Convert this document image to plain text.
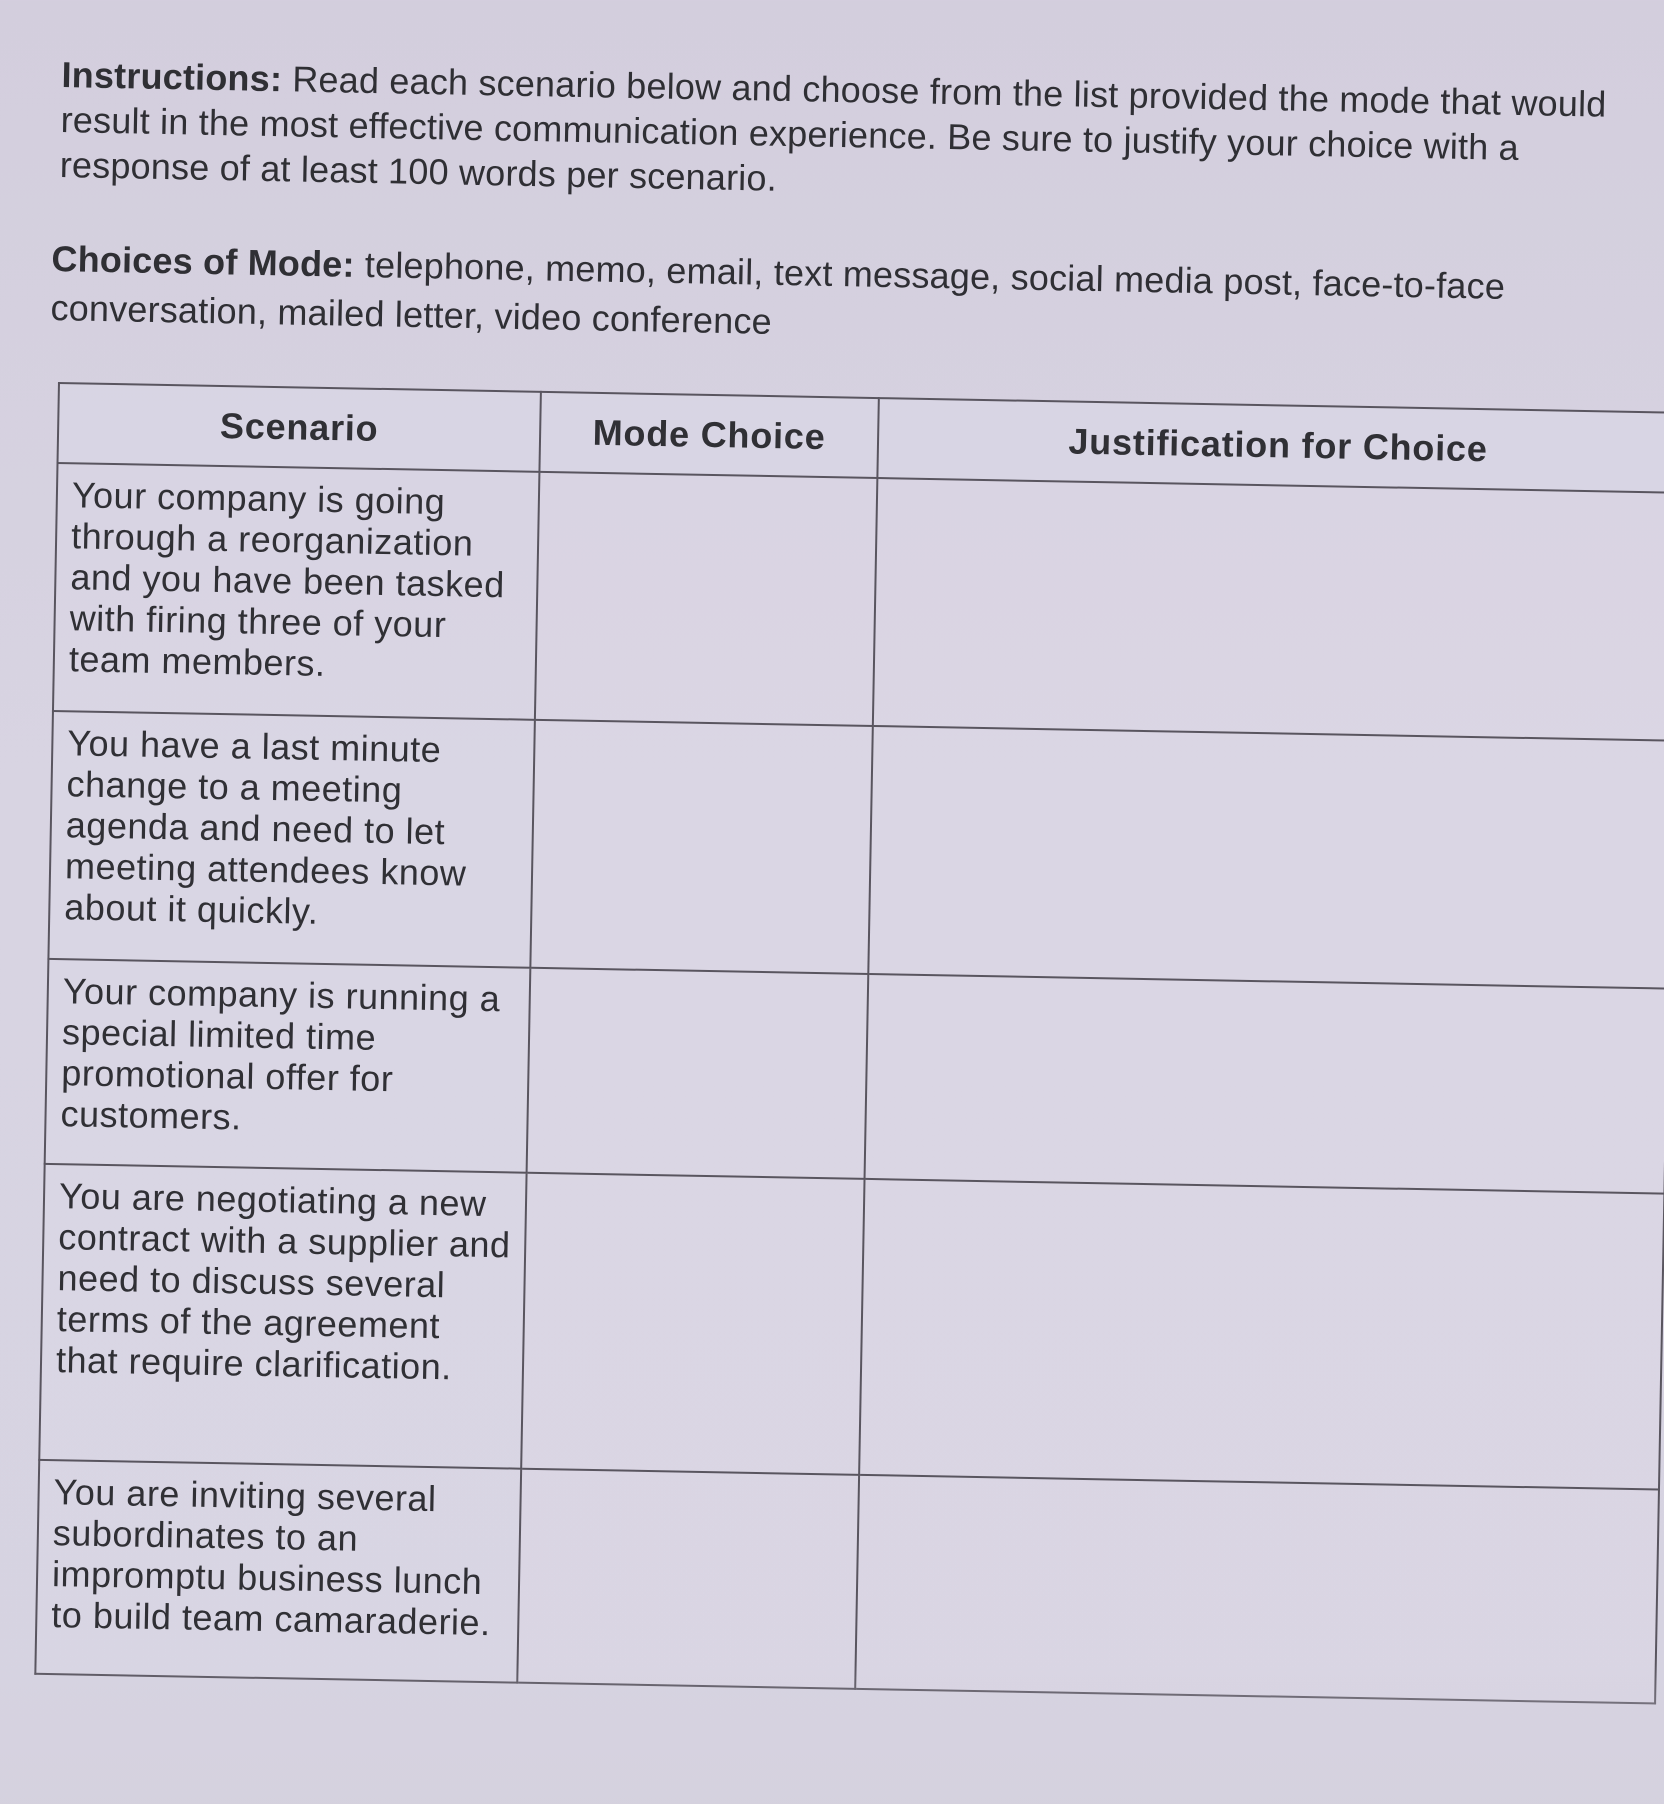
Instructions: Read each scenario below and choose from the list provided the mode that would result in the most effective communication experience. Be sure to justify your choice with a response of at least 100 words per scenario.
Choices of Mode: telephone, memo, email, text message, social media post, face-to-face conversation, mailed letter, video conference
Scenario	Mode Choice	Justification for Choice
Your company is going through a reorganization and you have been tasked with firing three of your team members.		
You have a last minute change to a meeting agenda and need to let meeting attendees know about it quickly.		
Your company is running a special limited time promotional offer for customers.		
You are negotiating a new contract with a supplier and need to discuss several terms of the agreement that require clarification.		
You are inviting several subordinates to an impromptu business lunch to build team camaraderie.		
